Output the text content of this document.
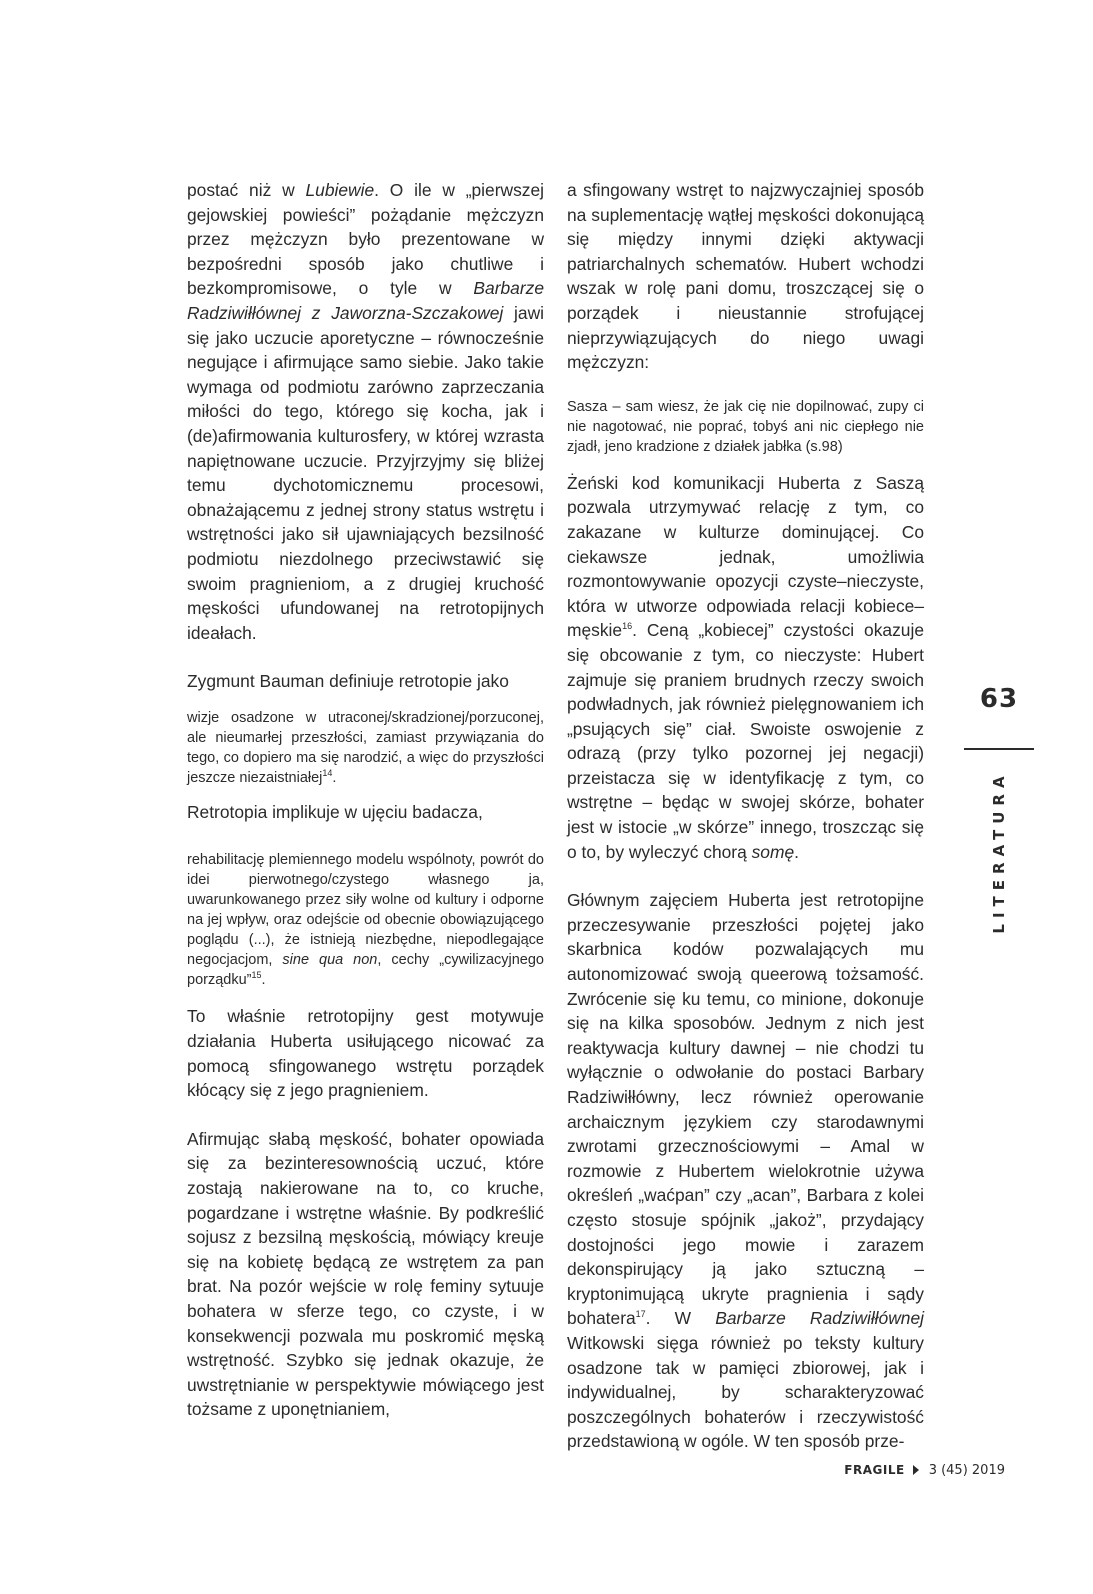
postać niż w Lubiewie. O ile w „pierwszej gejowskiej powieści” pożądanie mężczyzn przez mężczyzn było prezentowane w bezpośredni sposób jako chutliwe i bezkompromisowe, o tyle w Barbarze Radziwiłłównej z Jaworzna-Szczakowej jawi się jako uczucie aporetyczne – równocześnie negujące i afirmujące samo siebie. Jako takie wymaga od podmiotu zarówno zaprzeczania miłości do tego, którego się kocha, jak i (de)afirmowania kulturosfery, w której wzrasta napiętnowane uczucie. Przyjrzyjmy się bliżej temu dychotomicznemu procesowi, obnażającemu z jednej strony status wstrętu i wstrętności jako sił ujawniających bezsilność podmiotu niezdolnego przeciwstawić się swoim pragnieniom, a z drugiej kruchość męskości ufundowanej na retrotopijnych ideałach.

Zygmunt Bauman definiuje retrotopie jako

wizje osadzone w utraconej/skradzionej/porzuconej, ale nieumarłej przeszłości, zamiast przywiązania do tego, co dopiero ma się narodzić, a więc do przyszłości jeszcze niezaistniałej$^{14}$.

Retrotopia implikuje w ujęciu badacza,

rehabilitację plemiennego modelu wspólnoty, powrót do idei pierwotnego/czystego własnego ja, uwarunkowanego przez siły wolne od kultury i odporne na jej wpływ, oraz odejście od obecnie obowiązującego poglądu (...), że istnieją niezbędne, niepodlegające negocjacjom, sine qua non, cechy „cywilizacyjnego porządku”$^{15}$.

To właśnie retrotopijny gest motywuje działania Huberta usiłującego nicować za pomocą sfingowanego wstrętu porządek kłócący się z jego pragnieniem.

Afirmując słabą męskość, bohater opowiada się za bezinteresownością uczuć, które zostają nakierowane na to, co kruche, pogardzane i wstrętne właśnie. By podkreślić sojusz z bezsilną męskością, mówiący kreuje się na kobietę będącą ze wstrętem za pan brat. Na pozór wejście w rolę feminy sytuuje bohatera w sferze tego, co czyste, i w konsekwencji pozwala mu poskromić męską wstrętność. Szybko się jednak okazuje, że uwstrętnianie w perspektywie mówiącego jest tożsame z uponętnianiem,

a sfingowany wstręt to najzwyczajniej sposób na suplementację wątłej męskości dokonującą się między innymi dzięki aktywacji patriarchalnych schematów. Hubert wchodzi wszak w rolę pani domu, troszczącej się o porządek i nieustannie strofującej nieprzywiązujących do niego uwagi mężczyzn:

Sasza – sam wiesz, że jak cię nie dopilnować, zupy ci nie nagotować, nie poprać, tobyś ani nic ciepłego nie zjadł, jeno kradzione z działek jabłka (s.98)

Żeński kod komunikacji Huberta z Saszą pozwala utrzymywać relację z tym, co zakazane w kulturze dominującej. Co ciekawsze jednak, umożliwia rozmontowywanie opozycji czyste–nieczyste, która w utworze odpowiada relacji kobiece–męskie$^{16}$. Ceną „kobiecej” czystości okazuje się obcowanie z tym, co nieczyste: Hubert zajmuje się praniem brudnych rzeczy swoich podwładnych, jak również pielęgnowaniem ich „psujących się” ciał. Swoiste oswojenie z odrazą (przy tylko pozornej jej negacji) przeistacza się w identyfikację z tym, co wstrętne – będąc w swojej skórze, bohater jest w istocie „w skórze” innego, troszcząc się o to, by wyleczyć chorą somę.

Głównym zajęciem Huberta jest retrotopijne przeczesywanie przeszłości pojętej jako skarbnica kodów pozwalających mu autonomizować swoją queerową tożsamość. Zwrócenie się ku temu, co minione, dokonuje się na kilka sposobów. Jednym z nich jest reaktywacja kultury dawnej – nie chodzi tu wyłącznie o odwołanie do postaci Barbary Radziwiłłówny, lecz również operowanie archaicznym językiem czy starodawnymi zwrotami grzecznościowymi – Amal w rozmowie z Hubertem wielokrotnie używa określeń „waćpan” czy „acan”, Barbara z kolei często stosuje spójnik „jakoż”, przydający dostojności jego mowie i zarazem dekonspirujący ją jako sztuczną – kryptonimującą ukryte pragnienia i sądy bohatera$^{17}$. W Barbarze Radziwiłłównej Witkowski sięga również po teksty kultury osadzone tak w pamięci zbiorowej, jak i indywidualnej, by scharakteryzować poszczególnych bohaterów i rzeczywistość przedstawioną w ogóle. W ten sposób prze-

63
LITERATURA
FRAGILE 3 (45) 2019
